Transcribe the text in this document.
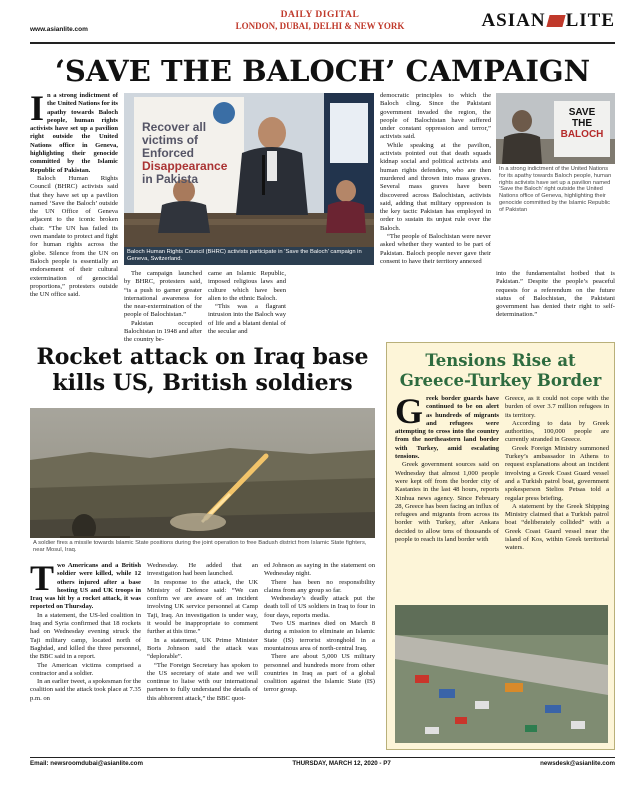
www.asianlite.com
DAILY DIGITAL
LONDON, DUBAI, DELHI & NEW YORK	ASIAN LITE
‘SAVE THE BALOCH’ CAMPAIGN
I n a strong indictment of the United Nations for its apathy towards Baloch people, human rights activists have set up a pavilion right outside the United Nations office in Geneva, highlighting their genocide committed by the Islamic Republic of Pakistan.

Baloch Human Rights Council (BHRC) activists said that they have set up a pavilion named ‘Save the Baloch’ outside the UN Office of Geneva adjacent to the iconic broken chair. “The UN has failed its own mandate to protect and fight for human rights across the globe. Silence from the UN on Baloch people is essentially an endorsement of their cultural extermination of genocidal proportions,” protesters outside the UN office said.

Recover all
victims of
Enforced
Disappearance
in Pakista
Baloch Human Rights Council (BHRC) activists participate in ‘Save the Baloch’ campaign in Geneva, Switzerland.

The campaign launched by BHRC, protesters said, “is a push to garner greater international awareness for the near-extermination of the people of Balochistan.”

Pakistan occupied Balochistan in 1948 and after the country be-

came an Islamic Republic, imposed religious laws and culture which have been alien to the ethnic Baloch.

“This was a flagrant intrusion into the Baloch way of life and a blatant denial of the secular and

democratic principles to which the Baloch cling. Since the Pakistani government invaded the region, the people of Balochistan have suffered under constant oppression and terror,” activists said.

While speaking at the pavilion, activists pointed out that death squads kidnap social and political activists and human rights defenders, who are then murdered and thrown into mass graves. Several mass graves have been discovered across Balochistan, activists said, adding that military oppression is the key tactic Pakistan has employed in order to sustain its unjust rule over the Baloch.

“The people of Balochistan were never asked whether they wanted to be part of Pakistan. Baloch people never gave their consent to have their territory annexed

SAVE
THE
BALOCH
In a strong indictment of the United Nations for its apathy towards Baloch people, human rights activists have set up a pavilion named ‘Save the Baloch’ right outside the United Nations office of Geneva, highlighting their genocide committed by the Islamic Republic of Pakistan

into the fundamentalist hotbed that is Pakistan.” Despite the people’s peaceful requests for a referendum on the future status of Balochistan, the Pakistani government has denied their right to self-determination.”

Rocket attack on Iraq base kills US, British soldiers
A soldier fires a missile towards Islamic State positions during the joint operation to free Badush district from Islamic State fighters, near Mosul, Iraq.
T wo Americans and a British soldier were killed, while 12 others injured after a base hosting US and UK troops in Iraq was hit by a rocket attack, it was reported on Thursday.

In a statement, the US-led coalition in Iraq and Syria confirmed that 18 rockets had on Wednesday evening struck the Taji military camp, located north of Baghdad, and killed the three personnel, the BBC said in a report.

The American victims comprised a contractor and a soldier.

In an earlier tweet, a spokesman for the coalition said the attack took place at 7.35 p.m. on

Wednesday. He added that an investigation had been launched.

In response to the attack, the UK Ministry of Defence said: “We can confirm we are aware of an incident involving UK service personnel at Camp Taji, Iraq. An investigation is under way, it would be inappropriate to comment further at this time.”

In a statement, UK Prime Minister Boris Johnson said the attack was “deplorable”.

“The Foreign Secretary has spoken to the US secretary of state and we will continue to liaise with our international partners to fully understand the details of this abhorrent attack,” the BBC quot-

ed Johnson as saying in the statement on Wednesday night.

There has been no responsibility claims from any group so far.

Wednesday’s deadly attack put the death toll of US soldiers in Iraq to four in four days, reports media.

Two US marines died on March 8 during a mission to eliminate an Islamic State (IS) terrorist stronghold in a mountainous area of north-central Iraq.

There are about 5,000 US military personnel and hundreds more from other countries in Iraq as part of a global coalition against the Islamic State (IS) terror group.

Tensions Rise at
Greece-Turkey Border
G reek border guards have continued to be on alert as hundreds of migrants and refugees were attempting to cross into the country from the northeastern land border with Turkey, amid escalating tensions.

Greek government sources said on Wednesday that almost 1,000 people were kept off from the border city of Kastanies in the last 48 hours, reports Xinhua news agency. Since February 28, Greece has been facing an influx of refugees and migrants from across its border with Turkey, after Ankara decided to allow tens of thousands of people to reach its land border with

Greece, as it could not cope with the burden of over 3.7 million refugees in its territory.

According to data by Greek authorities, 100,000 people are currently stranded in Greece.

Greek Foreign Ministry summoned Turkey’s ambassador in Athens to request explanations about an incident involving a Greek Coast Guard vessel and a Turkish patrol boat, government spokesperson Stelios Petsas told a regular press briefing.

A statement by the Greek Shipping Ministry claimed that a Turkish patrol boat “deliberately collided” with a Greek Coast Guard vessel near the island of Kos, within Greek territorial waters.

Email: newsroomdubai@asianlite.com	THURSDAY, MARCH 12, 2020 - P7	newsdesk@asianlite.com
